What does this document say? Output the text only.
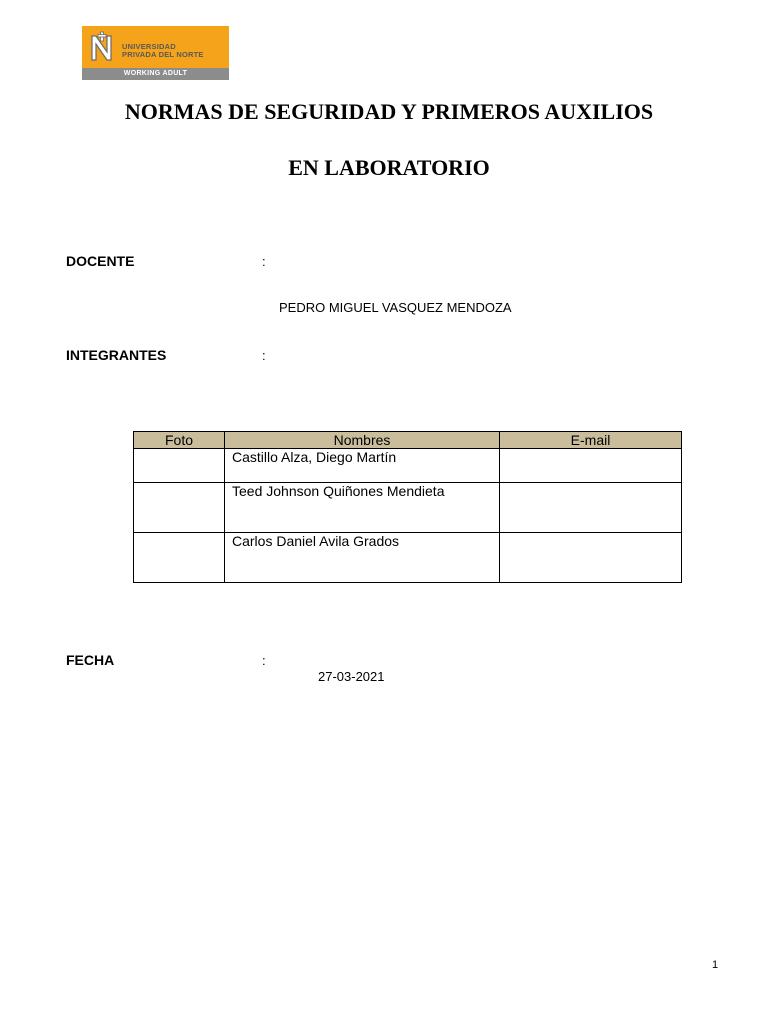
UNIVERSIDAD
PRIVADA DEL NORTE
WORKING ADULT
NORMAS DE SEGURIDAD Y PRIMEROS AUXILIOS
EN LABORATORIO
DOCENTE	:
PEDRO MIGUEL VASQUEZ MENDOZA
INTEGRANTES	:
Foto	Nombres	E-mail
	Castillo Alza, Diego Martín	
	Teed Johnson Quiñones Mendieta	
	Carlos Daniel Avila Grados	
FECHA	:
27-03-2021
1
